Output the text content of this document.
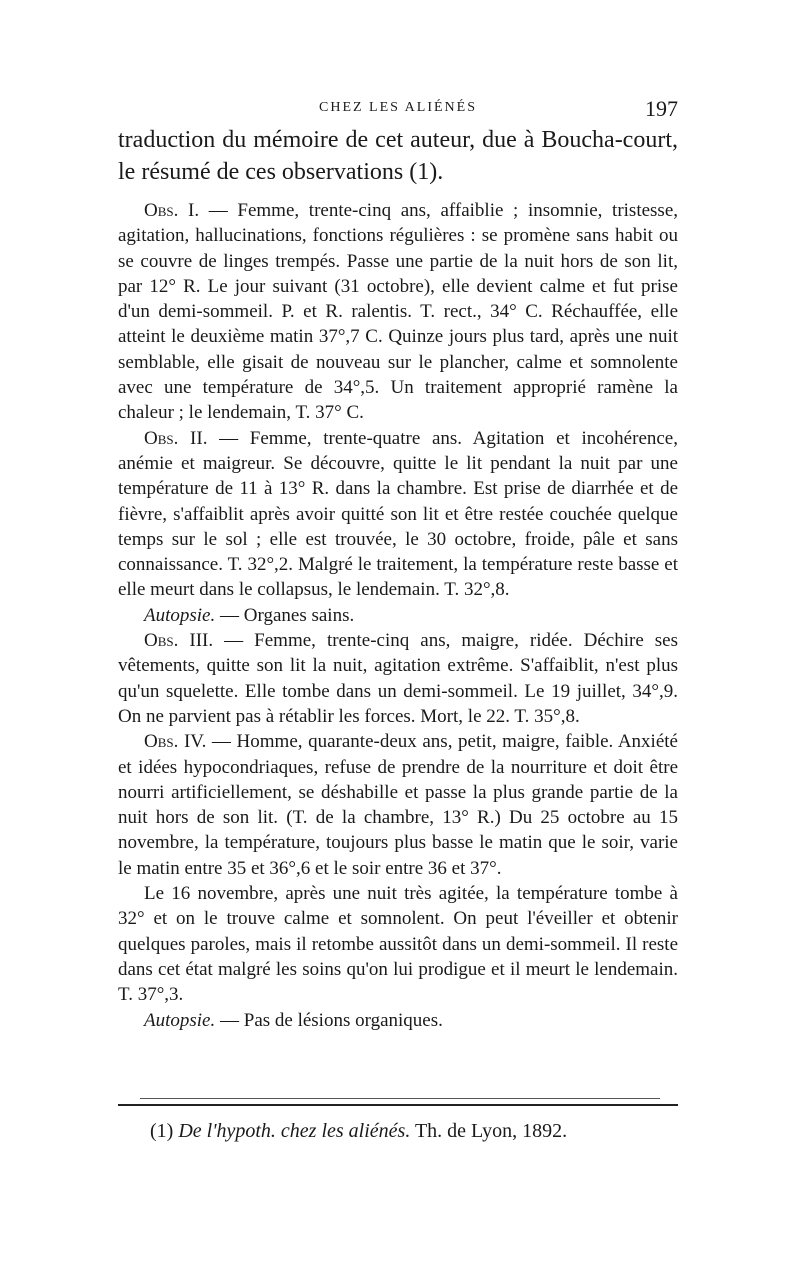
CHEZ LES ALIÉNÉS	197
traduction du mémoire de cet auteur, due à Boucha-court, le résumé de ces observations (1).

Obs. I. — Femme, trente-cinq ans, affaiblie ; insomnie, tristesse, agitation, hallucinations, fonctions régulières : se promène sans habit ou se couvre de linges trempés. Passe une partie de la nuit hors de son lit, par 12° R. Le jour suivant (31 octobre), elle devient calme et fut prise d'un demi-sommeil. P. et R. ralentis. T. rect., 34° C. Réchauffée, elle atteint le deuxième matin 37°,7 C. Quinze jours plus tard, après une nuit semblable, elle gisait de nouveau sur le plancher, calme et somnolente avec une température de 34°,5. Un traitement approprié ramène la chaleur ; le lendemain, T. 37° C.

Obs. II. — Femme, trente-quatre ans. Agitation et incohérence, anémie et maigreur. Se découvre, quitte le lit pendant la nuit par une température de 11 à 13° R. dans la chambre. Est prise de diarrhée et de fièvre, s'affaiblit après avoir quitté son lit et être restée couchée quelque temps sur le sol ; elle est trouvée, le 30 octobre, froide, pâle et sans connaissance. T. 32°,2. Malgré le traitement, la température reste basse et elle meurt dans le collapsus, le lendemain. T. 32°,8.

Autopsie. — Organes sains.

Obs. III. — Femme, trente-cinq ans, maigre, ridée. Déchire ses vêtements, quitte son lit la nuit, agitation extrême. S'affaiblit, n'est plus qu'un squelette. Elle tombe dans un demi-sommeil. Le 19 juillet, 34°,9. On ne parvient pas à rétablir les forces. Mort, le 22. T. 35°,8.

Obs. IV. — Homme, quarante-deux ans, petit, maigre, faible. Anxiété et idées hypocondriaques, refuse de prendre de la nourriture et doit être nourri artificiellement, se déshabille et passe la plus grande partie de la nuit hors de son lit. (T. de la chambre, 13° R.) Du 25 octobre au 15 novembre, la température, toujours plus basse le matin que le soir, varie le matin entre 35 et 36°,6 et le soir entre 36 et 37°.

Le 16 novembre, après une nuit très agitée, la température tombe à 32° et on le trouve calme et somnolent. On peut l'éveiller et obtenir quelques paroles, mais il retombe aussitôt dans un demi-sommeil. Il reste dans cet état malgré les soins qu'on lui prodigue et il meurt le lendemain. T. 37°,3.

Autopsie. — Pas de lésions organiques.

(1) De l'hypoth. chez les aliénés. Th. de Lyon, 1892.
